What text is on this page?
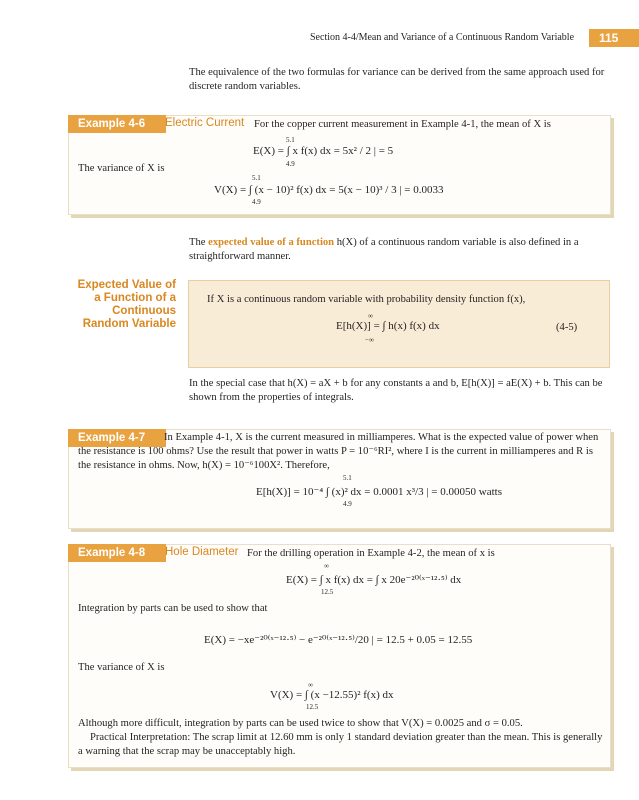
Section 4-4/Mean and Variance of a Continuous Random Variable 115
The equivalence of the two formulas for variance can be derived from the same approach used for discrete random variables.
Example 4-6	Electric Current For the copper current measurement in Example 4-1, the mean of X is
The variance of X is
5.1
E(X) = ∫ x f(x) dx = 5x² / 2 | = 5
4.9
5.1
V(X) = ∫ (x − 10)² f(x) dx = 5(x − 10)³ / 3 | = 0.0033
4.9
The expected value of a function h(X) of a continuous random variable is also defined in a straightforward manner.
Expected Value of a Function of a Continuous Random Variable
If X is a continuous random variable with probability density function f(x),
∞
E[h(X)] = ∫ h(x) f(x) dx
−∞
(4-5)
In the special case that h(X) = aX + b for any constants a and b, E[h(X)] = aE(X) + b. This can be shown from the properties of integrals.
Example 4-7	In Example 4-1, X is the current measured in milliamperes. What is the expected value of power when the resistance is 100 ohms? Use the result that power in watts P = 10⁻⁶RI², where I is the current in milliamperes and R is the resistance in ohms. Now, h(X) = 10⁻⁶100X². Therefore,
5.1
E[h(X)] = 10⁻⁴ ∫ (x)² dx = 0.0001 x³/3 | = 0.00050 watts
4.9
Example 4-8	Hole Diameter For the drilling operation in Example 4-2, the mean of x is
∞
E(X) = ∫ x f(x) dx = ∫ x 20e⁻²⁰⁽ˣ⁻¹²·⁵⁾ dx
12.5
Integration by parts can be used to show that
E(X) = −xe⁻²⁰⁽ˣ⁻¹²·⁵⁾ − e⁻²⁰⁽ˣ⁻¹²·⁵⁾/20 | = 12.5 + 0.05 = 12.55
The variance of X is
∞
V(X) = ∫ (x −12.55)² f(x) dx
12.5
Although more difficult, integration by parts can be used twice to show that V(X) = 0.0025 and σ = 0.05.
Practical Interpretation: The scrap limit at 12.60 mm is only 1 standard deviation greater than the mean. This is generally a warning that the scrap may be unacceptably high.
